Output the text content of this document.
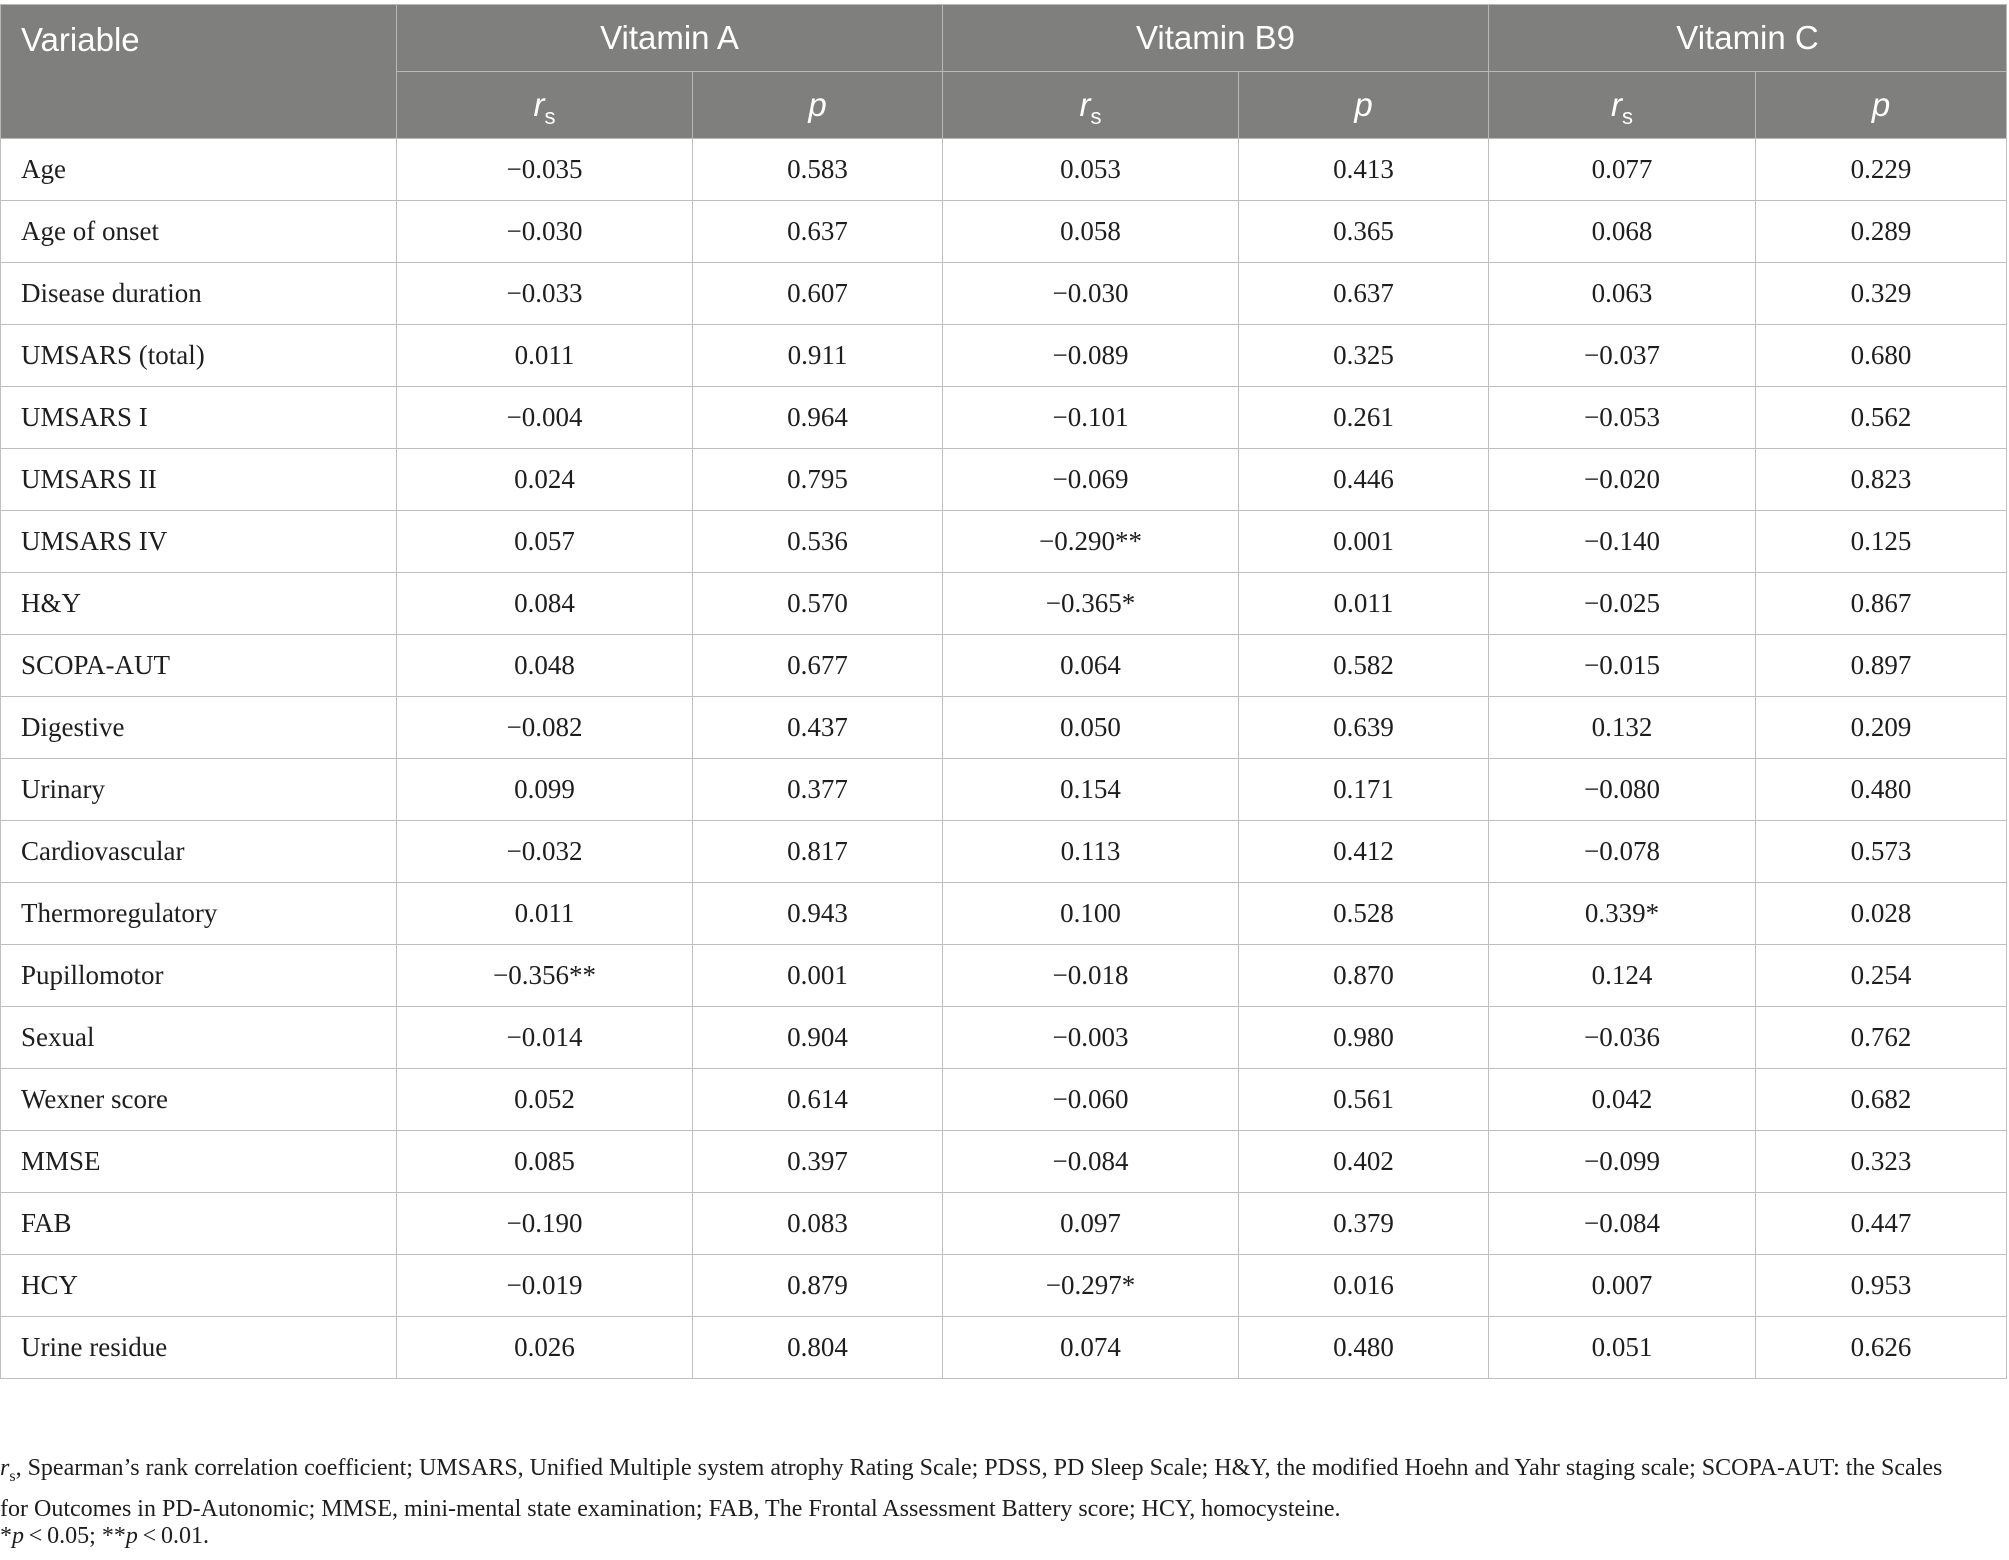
Variable	Vitamin A		Vitamin B9		Vitamin C	
	$r_s$	p	$r_s$	p	$r_s$	p
Age	−0.035	0.583	0.053	0.413	0.077	0.229
Age of onset	−0.030	0.637	0.058	0.365	0.068	0.289
Disease duration	−0.033	0.607	−0.030	0.637	0.063	0.329
UMSARS (total)	0.011	0.911	−0.089	0.325	−0.037	0.680
UMSARS I	−0.004	0.964	−0.101	0.261	−0.053	0.562
UMSARS II	0.024	0.795	−0.069	0.446	−0.020	0.823
UMSARS IV	0.057	0.536	−0.290**	0.001	−0.140	0.125
H&Y	0.084	0.570	−0.365*	0.011	−0.025	0.867
SCOPA-AUT	0.048	0.677	0.064	0.582	−0.015	0.897
Digestive	−0.082	0.437	0.050	0.639	0.132	0.209
Urinary	0.099	0.377	0.154	0.171	−0.080	0.480
Cardiovascular	−0.032	0.817	0.113	0.412	−0.078	0.573
Thermoregulatory	0.011	0.943	0.100	0.528	0.339*	0.028
Pupillomotor	−0.356**	0.001	−0.018	0.870	0.124	0.254
Sexual	−0.014	0.904	−0.003	0.980	−0.036	0.762
Wexner score	0.052	0.614	−0.060	0.561	0.042	0.682
MMSE	0.085	0.397	−0.084	0.402	−0.099	0.323
FAB	−0.190	0.083	0.097	0.379	−0.084	0.447
HCY	−0.019	0.879	−0.297*	0.016	0.007	0.953
Urine residue	0.026	0.804	0.074	0.480	0.051	0.626
$r_s$, Spearman’s rank correlation coefficient; UMSARS, Unified Multiple system atrophy Rating Scale; PDSS, PD Sleep Scale; H&Y, the modified Hoehn and Yahr staging scale; SCOPA-AUT: the Scales for Outcomes in PD-Autonomic; MMSE, mini-mental state examination; FAB, The Frontal Assessment Battery score; HCY, homocysteine.
*p < 0.05; **p < 0.01.
